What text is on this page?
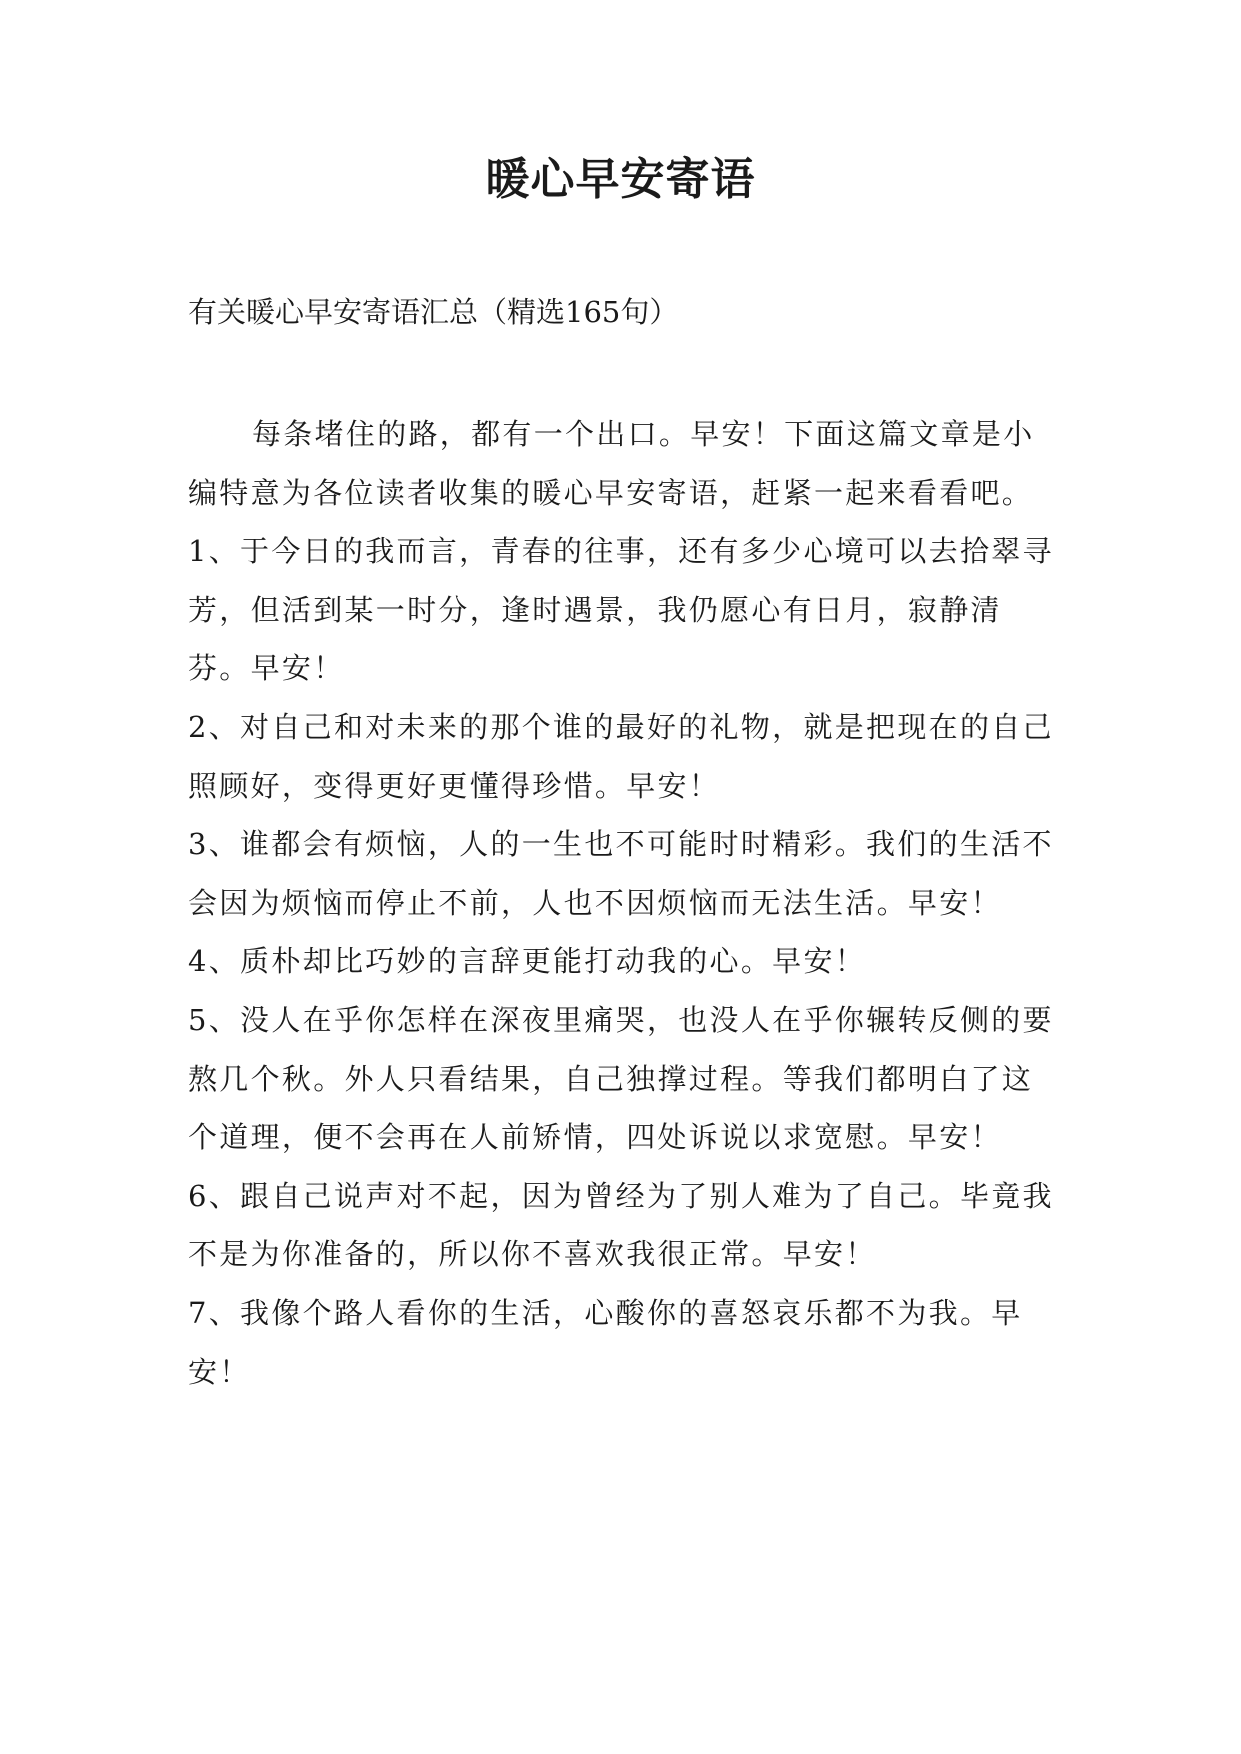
暖心早安寄语
有关暖心早安寄语汇总（精选165句）

每条堵住的路，都有一个出口。早安！下面这篇文章是小编特意为各位读者收集的暖心早安寄语，赶紧一起来看看吧。

1、于今日的我而言，青春的往事，还有多少心境可以去拾翠寻芳，但活到某一时分，逢时遇景，我仍愿心有日月，寂静清芬。早安！

2、对自己和对未来的那个谁的最好的礼物，就是把现在的自己照顾好，变得更好更懂得珍惜。早安！

3、谁都会有烦恼，人的一生也不可能时时精彩。我们的生活不会因为烦恼而停止不前，人也不因烦恼而无法生活。早安！

4、质朴却比巧妙的言辞更能打动我的心。早安！

5、没人在乎你怎样在深夜里痛哭，也没人在乎你辗转反侧的要熬几个秋。外人只看结果，自己独撑过程。等我们都明白了这个道理，便不会再在人前矫情，四处诉说以求宽慰。早安！

6、跟自己说声对不起，因为曾经为了别人难为了自己。毕竟我不是为你准备的，所以你不喜欢我很正常。早安！

7、我像个路人看你的生活，心酸你的喜怒哀乐都不为我。早安！
